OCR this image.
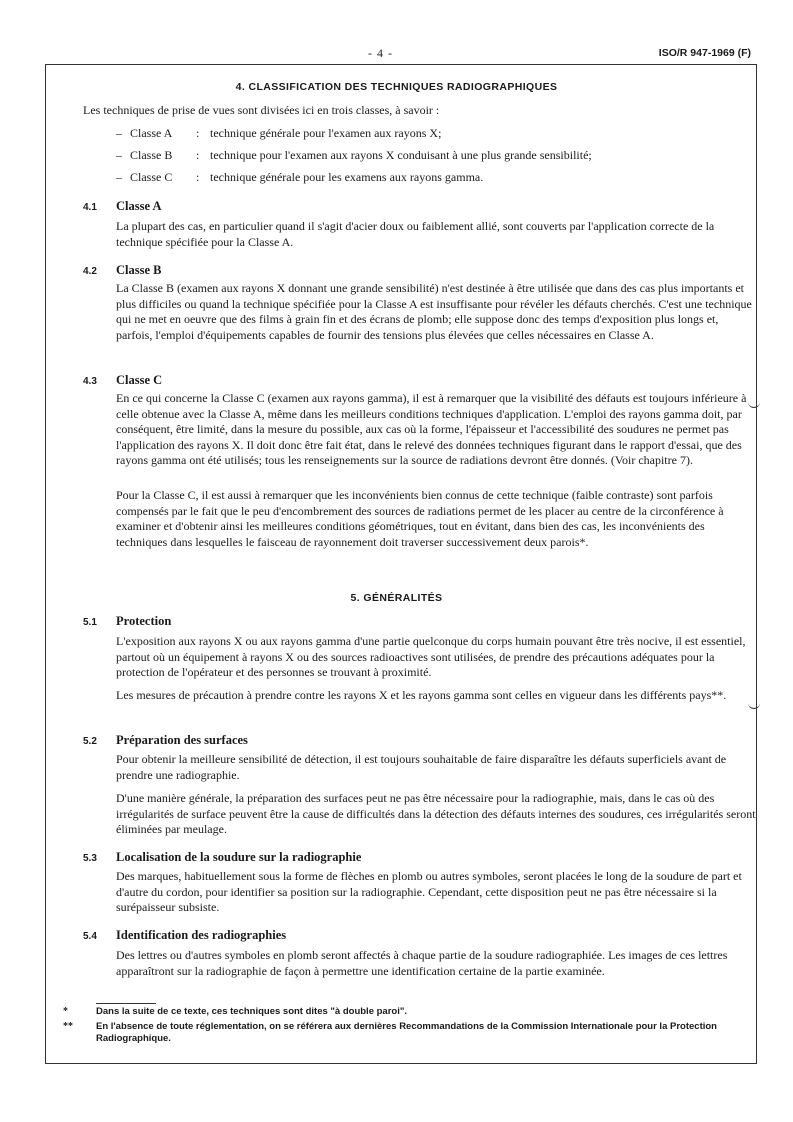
- 4 -	ISO/R 947-1969 (F)
4. CLASSIFICATION DES TECHNIQUES RADIOGRAPHIQUES
Les techniques de prise de vues sont divisées ici en trois classes, à savoir :
– Classe A : technique générale pour l'examen aux rayons X;
– Classe B : technique pour l'examen aux rayons X conduisant à une plus grande sensibilité;
– Classe C : technique générale pour les examens aux rayons gamma.
4.1 Classe A
La plupart des cas, en particulier quand il s'agit d'acier doux ou faiblement allié, sont couverts par l'application correcte de la technique spécifiée pour la Classe A.
4.2 Classe B
La Classe B (examen aux rayons X donnant une grande sensibilité) n'est destinée à être utilisée que dans des cas plus importants et plus difficiles ou quand la technique spécifiée pour la Classe A est insuffisante pour révéler les défauts cherchés. C'est une technique qui ne met en oeuvre que des films à grain fin et des écrans de plomb; elle suppose donc des temps d'exposition plus longs et, parfois, l'emploi d'équipements capables de fournir des tensions plus élevées que celles nécessaires en Classe A.
4.3 Classe C
En ce qui concerne la Classe C (examen aux rayons gamma), il est à remarquer que la visibilité des défauts est toujours inférieure à celle obtenue avec la Classe A, même dans les meilleurs conditions techniques d'application. L'emploi des rayons gamma doit, par conséquent, être limité, dans la mesure du possible, aux cas où la forme, l'épaisseur et l'accessibilité des soudures ne permet pas l'application des rayons X. Il doit donc être fait état, dans le relevé des données techniques figurant dans le rapport d'essai, que des rayons gamma ont été utilisés; tous les renseignements sur la source de radiations devront être donnés. (Voir chapitre 7).
Pour la Classe C, il est aussi à remarquer que les inconvénients bien connus de cette technique (faible contraste) sont parfois compensés par le fait que le peu d'encombrement des sources de radiations permet de les placer au centre de la circonférence à examiner et d'obtenir ainsi les meilleures conditions géométriques, tout en évitant, dans bien des cas, les inconvénients des techniques dans lesquelles le faisceau de rayonnement doit traverser successivement deux parois*.
5. GÉNÉRALITÉS
5.1 Protection
L'exposition aux rayons X ou aux rayons gamma d'une partie quelconque du corps humain pouvant être très nocive, il est essentiel, partout où un équipement à rayons X ou des sources radioactives sont utilisées, de prendre des précautions adéquates pour la protection de l'opérateur et des personnes se trouvant à proximité.
Les mesures de précaution à prendre contre les rayons X et les rayons gamma sont celles en vigueur dans les différents pays**.
5.2 Préparation des surfaces
Pour obtenir la meilleure sensibilité de détection, il est toujours souhaitable de faire disparaître les défauts superficiels avant de prendre une radiographie.
D'une manière générale, la préparation des surfaces peut ne pas être nécessaire pour la radiographie, mais, dans le cas où des irrégularités de surface peuvent être la cause de difficultés dans la détection des défauts internes des soudures, ces irrégularités seront éliminées par meulage.
5.3 Localisation de la soudure sur la radiographie
Des marques, habituellement sous la forme de flèches en plomb ou autres symboles, seront placées le long de la soudure de part et d'autre du cordon, pour identifier sa position sur la radiographie. Cependant, cette disposition peut ne pas être nécessaire si la surépaisseur subsiste.
5.4 Identification des radiographies
Des lettres ou d'autres symboles en plomb seront affectés à chaque partie de la soudure radiographiée. Les images de ces lettres apparaîtront sur la radiographie de façon à permettre une identification certaine de la partie examinée.
*	Dans la suite de ce texte, ces techniques sont dites "à double paroi".
** En l'absence de toute réglementation, on se référera aux dernières Recommandations de la Commission Internationale pour la Protection Radiographique.
